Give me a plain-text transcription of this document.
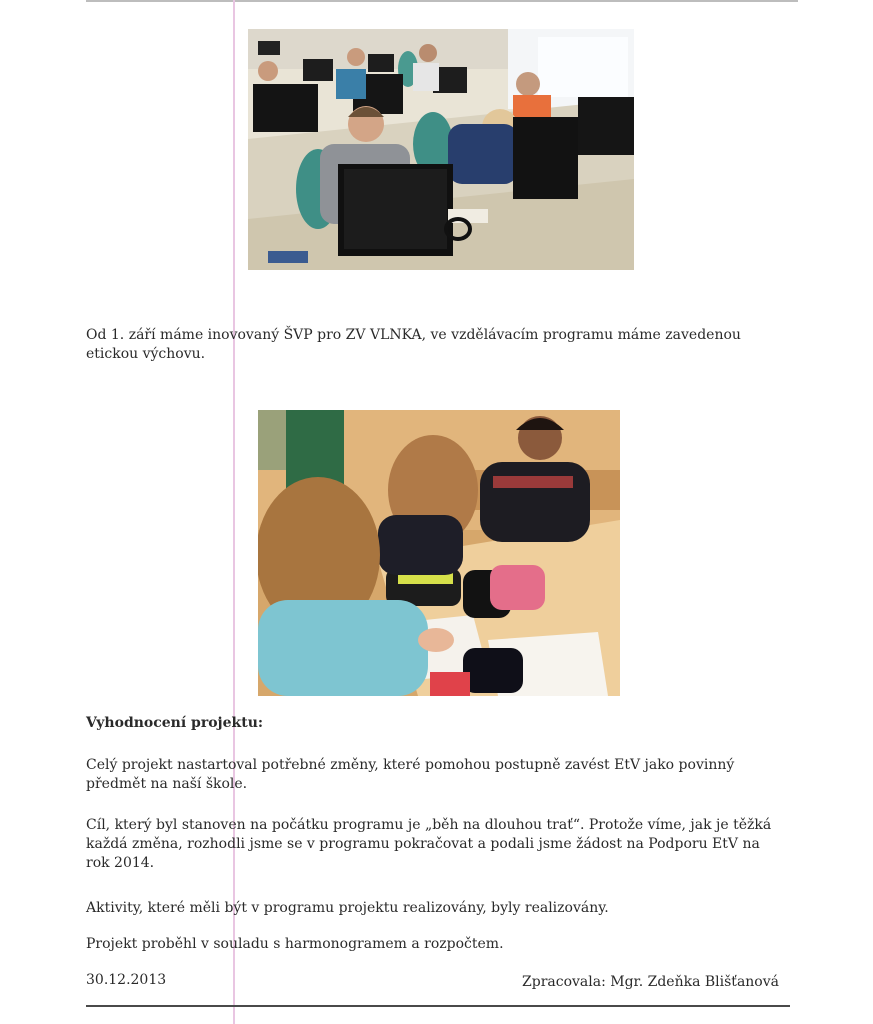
Od 1. září máme inovovaný ŠVP pro ZV VLNKA, ve vzdělávacím programu máme zavedenou etickou výchovu.

Vyhodnocení projektu:

Celý projekt nastartoval potřebné změny, které pomohou postupně zavést EtV jako povinný předmět na naší škole.

Cíl, který byl stanoven na počátku programu je „běh na dlouhou trať“. Protože víme, jak je těžká každá změna, rozhodli jsme se v programu pokračovat a podali jsme žádost na Podporu EtV na rok 2014.

Aktivity, které měli být v programu projektu realizovány, byly realizovány.

Projekt proběhl v souladu s harmonogramem a rozpočtem.

30.12.2013	Zpracovala: Mgr. Zdeňka Blišťanová
